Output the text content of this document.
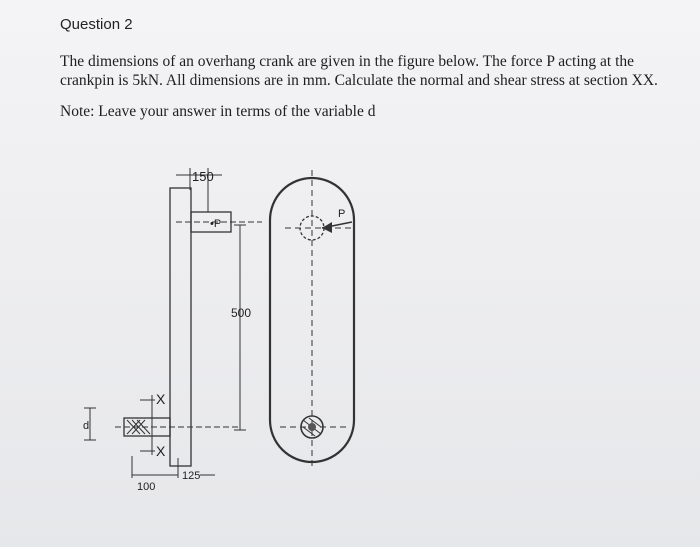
Question 2
The dimensions of an overhang crank are given in the figure below. The force P acting at the crankpin is 5kN. All dimensions are in mm. Calculate the normal and shear stress at section XX.
Note: Leave your answer in terms of the variable d
150
•P
500
P
X
X
d
125
100
